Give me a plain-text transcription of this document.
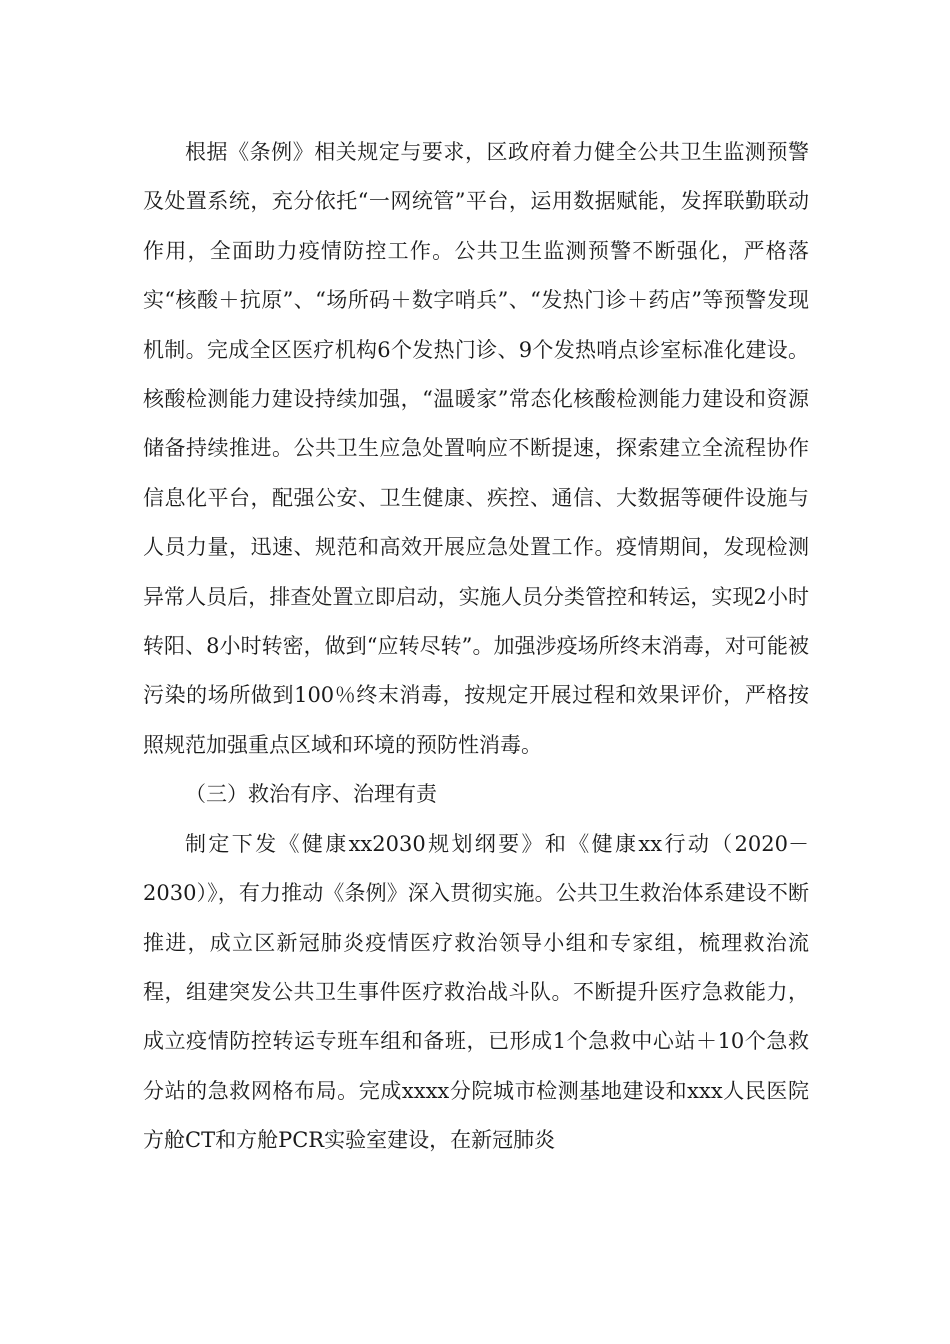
根据《条例》相关规定与要求，区政府着力健全公共卫生监测预警及处置系统，充分依托“一网统管”平台，运用数据赋能，发挥联勤联动作用，全面助力疫情防控工作。公共卫生监测预警不断强化，严格落实“核酸＋抗原”、“场所码＋数字哨兵”、“发热门诊＋药店”等预警发现机制。完成全区医疗机构6个发热门诊、9个发热哨点诊室标准化建设。核酸检测能力建设持续加强，“温暖家”常态化核酸检测能力建设和资源储备持续推进。公共卫生应急处置响应不断提速，探索建立全流程协作信息化平台，配强公安、卫生健康、疾控、通信、大数据等硬件设施与人员力量，迅速、规范和高效开展应急处置工作。疫情期间，发现检测异常人员后，排查处置立即启动，实施人员分类管控和转运，实现2小时转阳、8小时转密，做到“应转尽转”。加强涉疫场所终末消毒，对可能被污染的场所做到100％终末消毒，按规定开展过程和效果评价，严格按照规范加强重点区域和环境的预防性消毒。

（三）救治有序、治理有责

制定下发《健康xx2030规划纲要》和《健康xx行动（2020－2030）》，有力推动《条例》深入贯彻实施。公共卫生救治体系建设不断推进，成立区新冠肺炎疫情医疗救治领导小组和专家组，梳理救治流程，组建突发公共卫生事件医疗救治战斗队。不断提升医疗急救能力，成立疫情防控转运专班车组和备班，已形成1个急救中心站＋10个急救分站的急救网格布局。完成xxxx分院城市检测基地建设和xxx人民医院方舱CT和方舱PCR实验室建设，在新冠肺炎
